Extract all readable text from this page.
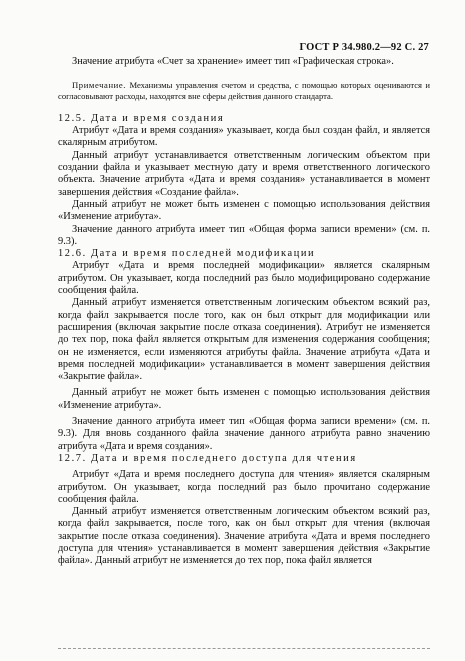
ГОСТ Р 34.980.2—92 С. 27

Значение атрибута «Счет за хранение» имеет тип «Графическая строка».

Примечание. Механизмы управления счетом и средства, с помощью которых оцениваются и согласовывают расходы, находятся вне сферы действия данного стандарта.

12.5. Дата и время создания

Атрибут «Дата и время создания» указывает, когда был создан файл, и является скалярным атрибутом.

Данный атрибут устанавливается ответственным логическим объектом при создании файла и указывает местную дату и время ответственного логического объекта. Значение атрибута «Дата и время создания» устанавливается в момент завершения действия «Создание файла».

Данный атрибут не может быть изменен с помощью использования действия «Изменение атрибута».

Значение данного атрибута имеет тип «Общая форма записи времени» (см. п. 9.3).

12.6. Дата и время последней модификации

Атрибут «Дата и время последней модификации» является скалярным атрибутом. Он указывает, когда последний раз было модифицировано содержание сообщения файла.

Данный атрибут изменяется ответственным логическим объектом всякий раз, когда файл закрывается после того, как он был открыт для модификации или расширения (включая закрытие после отказа соединения). Атрибут не изменяется до тех пор, пока файл является открытым для изменения содержания сообщения; он не изменяется, если изменяются атрибуты файла. Значение атрибута «Дата и время последней модификации» устанавливается в момент завершения действия «Закрытие файла».

Данный атрибут не может быть изменен с помощью использования действия «Изменение атрибута».

Значение данного атрибута имеет тип «Общая форма записи времени» (см. п. 9.3). Для вновь созданного файла значение данного атрибута равно значению атрибута «Дата и время создания».

12.7. Дата и время последнего доступа для чтения

Атрибут «Дата и время последнего доступа для чтения» является скалярным атрибутом. Он указывает, когда последний раз было прочитано содержание сообщения файла.

Данный атрибут изменяется ответственным логическим объектом всякий раз, когда файл закрывается, после того, как он был открыт для чтения (включая закрытие после отказа соединения). Значение атрибута «Дата и время последнего доступа для чтения» устанавливается в момент завершения действия «Закрытие файла». Данный атрибут не изменяется до тех пор, пока файл является
